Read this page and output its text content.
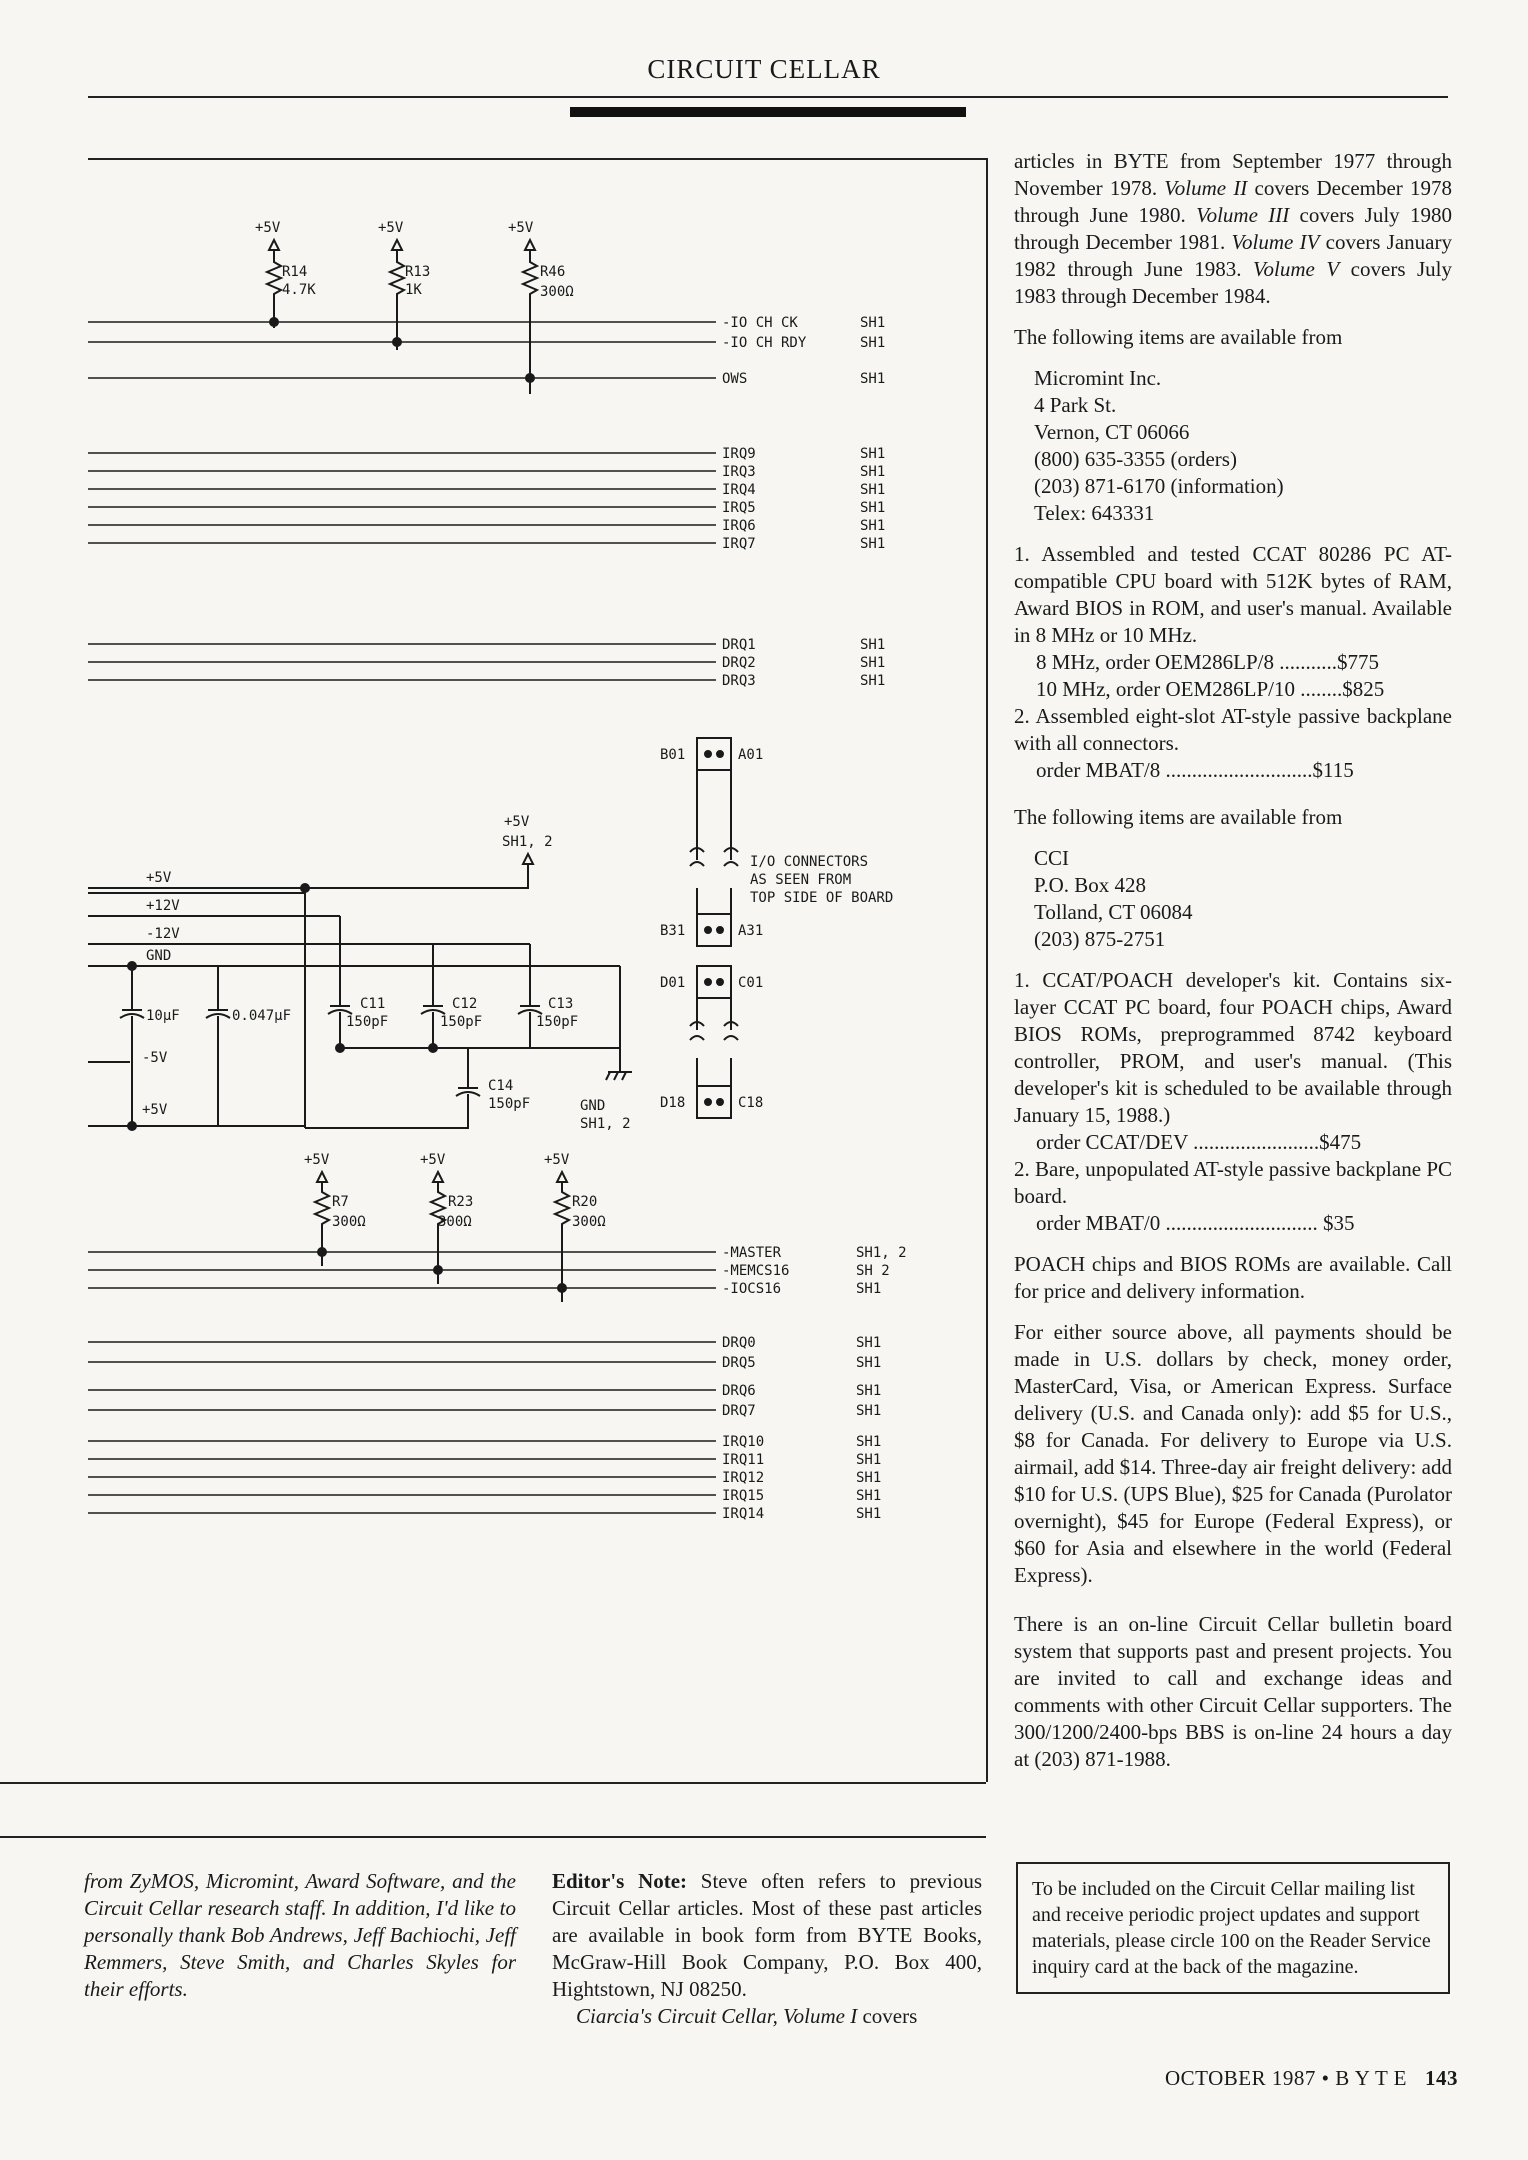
CIRCUIT CELLAR
+5V
R14
4.7K
+5V
R13
1K
+5V
R46
300Ω
-IO CH CK	SH1
-IO CH RDY	SH1
OWS	SH1
IRQ9	SH1
IRQ3	SH1
IRQ4	SH1
IRQ5	SH1
IRQ6	SH1
IRQ7	SH1
DRQ1	SH1
DRQ2	SH1
DRQ3	SH1
B01	A01
B31	A31
D01	C01
D18	C18
I/O CONNECTORS
AS SEEN FROM
TOP SIDE OF BOARD
+5V
SH1, 2
+5V
+12V
-12V
GND
10µF	0.047µF
-5V
+5V
C11
150pF
C12
150pF
C13
150pF
C14
150pF	GND
SH1, 2
+5V
R7
300Ω
+5V
R23
300Ω
+5V
R20
300Ω
-MASTER	SH1, 2
-MEMCS16	SH 2
-IOCS16	SH1
DRQ0	SH1
DRQ5	SH1
DRQ6	SH1
DRQ7	SH1
IRQ10	SH1
IRQ11	SH1
IRQ12	SH1
IRQ15	SH1
IRQ14	SH1

articles in BYTE from September 1977 through November 1978. Volume II covers December 1978 through June 1980. Volume III covers July 1980 through December 1981. Volume IV covers January 1982 through June 1983. Volume V covers July 1983 through December 1984.

The following items are available from

Micromint Inc.
4 Park St.
Vernon, CT 06066
(800) 635-3355 (orders)
(203) 871-6170 (information)
Telex: 643331

1. Assembled and tested CCAT 80286 PC AT-compatible CPU board with 512K bytes of RAM, Award BIOS in ROM, and user's manual. Available in 8 MHz or 10 MHz.

8 MHz, order OEM286LP/8 ...........$775
10 MHz, order OEM286LP/10 ........$825

2. Assembled eight-slot AT-style passive backplane with all connectors.

order MBAT/8 ............................$115

The following items are available from

CCI
P.O. Box 428
Tolland, CT 06084
(203) 875-2751

1. CCAT/POACH developer's kit. Contains six-layer CCAT PC board, four POACH chips, Award BIOS ROMs, preprogrammed 8742 keyboard controller, PROM, and user's manual. (This developer's kit is scheduled to be available through January 15, 1988.)

order CCAT/DEV ........................$475

2. Bare, unpopulated AT-style passive backplane PC board.

order MBAT/0 ............................. $35

POACH chips and BIOS ROMs are available. Call for price and delivery information.

For either source above, all payments should be made in U.S. dollars by check, money order, MasterCard, Visa, or American Express. Surface delivery (U.S. and Canada only): add $5 for U.S., $8 for Canada. For delivery to Europe via U.S. airmail, add $14. Three-day air freight delivery: add $10 for U.S. (UPS Blue), $25 for Canada (Purolator overnight), $45 for Europe (Federal Express), or $60 for Asia and elsewhere in the world (Federal Express).

There is an on-line Circuit Cellar bulletin board system that supports past and present projects. You are invited to call and exchange ideas and comments with other Circuit Cellar supporters. The 300/1200/2400-bps BBS is on-line 24 hours a day at (203) 871-1988.

from ZyMOS, Micromint, Award Software, and the Circuit Cellar research staff. In addition, I'd like to personally thank Bob Andrews, Jeff Bachiochi, Jeff Remmers, Steve Smith, and Charles Skyles for their efforts.
Editor's Note: Steve often refers to previous Circuit Cellar articles. Most of these past articles are available in book form from BYTE Books, McGraw-Hill Book Company, P.O. Box 400, Hightstown, NJ 08250.
Ciarcia's Circuit Cellar, Volume I covers
To be included on the Circuit Cellar mailing list and receive periodic project updates and support materials, please circle 100 on the Reader Service inquiry card at the back of the magazine.
OCTOBER 1987 • B Y T E 143
